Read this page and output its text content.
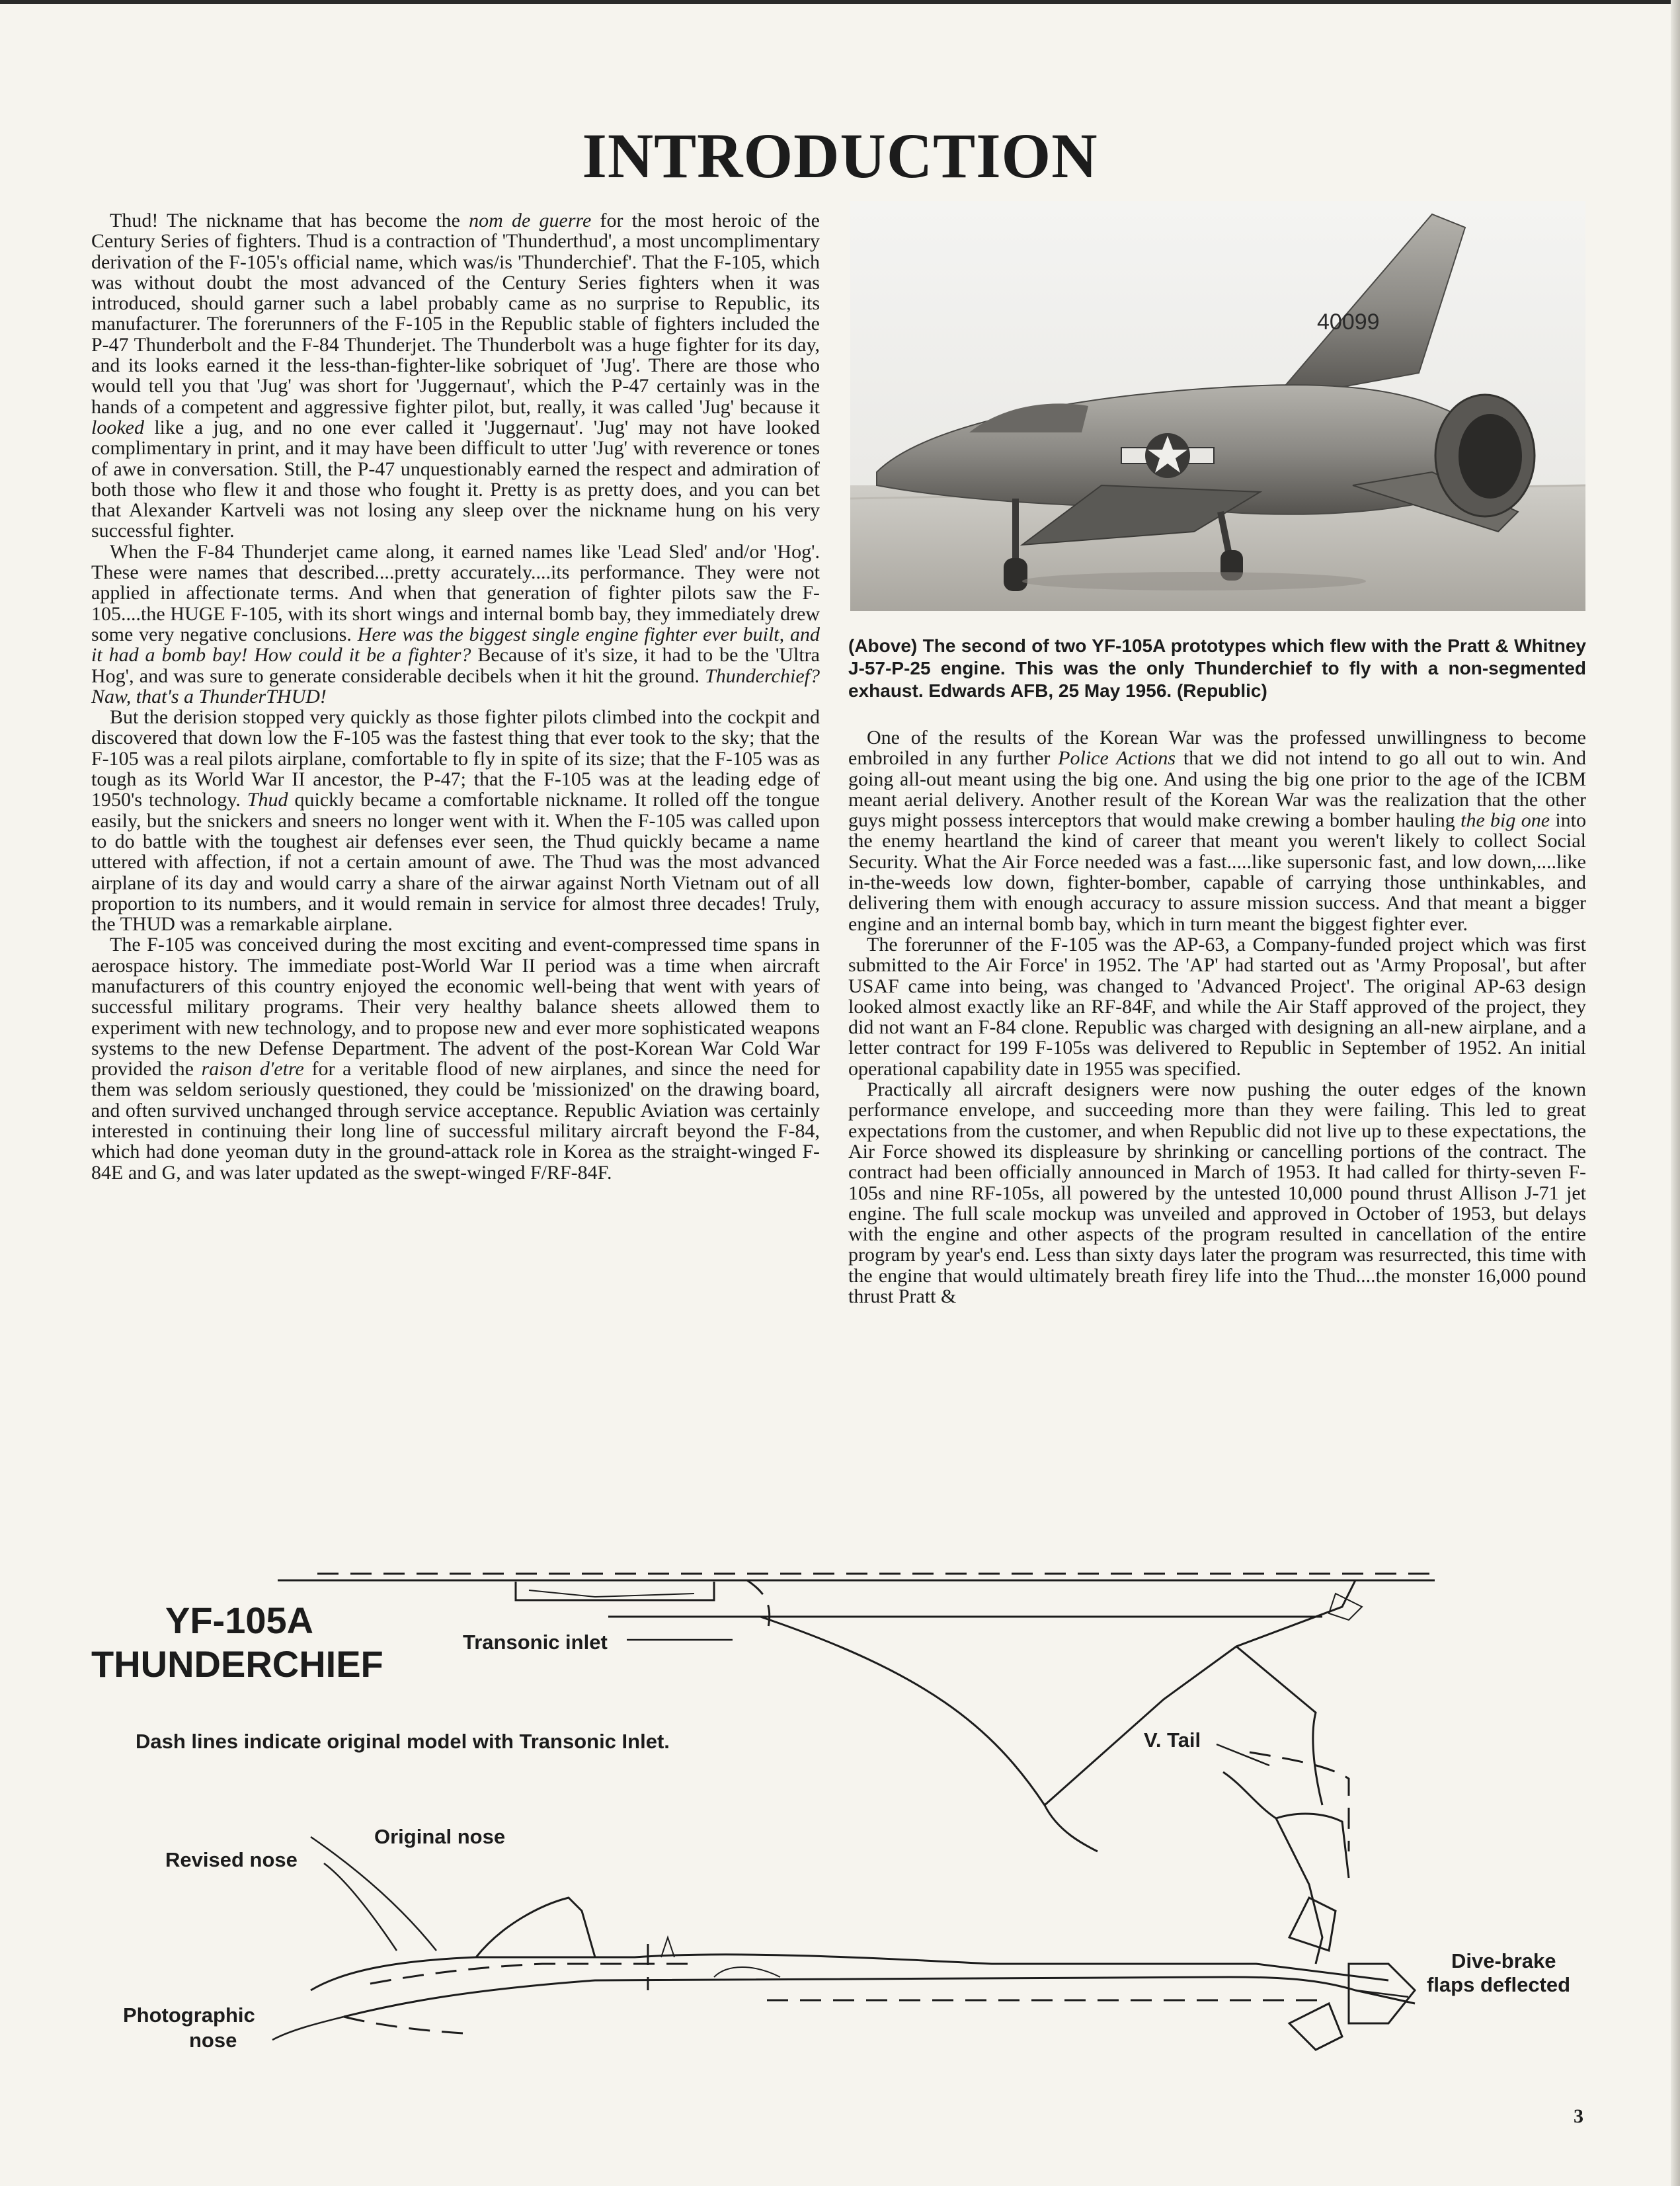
INTRODUCTION

Thud! The nickname that has become the nom de guerre for the most heroic of the Century Series of fighters. Thud is a contraction of 'Thunderthud', a most uncomplimentary derivation of the F-105's official name, which was/is 'Thunderchief'. That the F-105, which was without doubt the most advanced of the Century Series fighters when it was introduced, should garner such a label probably came as no surprise to Republic, its manufacturer. The forerunners of the F-105 in the Republic stable of fighters included the P-47 Thunderbolt and the F-84 Thunderjet. The Thunderbolt was a huge fighter for its day, and its looks earned it the less-than-fighter-like sobriquet of 'Jug'. There are those who would tell you that 'Jug' was short for 'Juggernaut', which the P-47 certainly was in the hands of a competent and aggressive fighter pilot, but, really, it was called 'Jug' because it looked like a jug, and no one ever called it 'Juggernaut'. 'Jug' may not have looked complimentary in print, and it may have been difficult to utter 'Jug' with reverence or tones of awe in conversation. Still, the P-47 unquestionably earned the respect and admiration of both those who flew it and those who fought it. Pretty is as pretty does, and you can bet that Alexander Kartveli was not losing any sleep over the nickname hung on his very successful fighter.

When the F-84 Thunderjet came along, it earned names like 'Lead Sled' and/or 'Hog'. These were names that described....pretty accurately....its performance. They were not applied in affectionate terms. And when that generation of fighter pilots saw the F-105....the HUGE F-105, with its short wings and internal bomb bay, they immediately drew some very negative conclusions. Here was the biggest single engine fighter ever built, and it had a bomb bay! How could it be a fighter? Because of it's size, it had to be the 'Ultra Hog', and was sure to generate considerable decibels when it hit the ground. Thunderchief? Naw, that's a ThunderTHUD!

But the derision stopped very quickly as those fighter pilots climbed into the cockpit and discovered that down low the F-105 was the fastest thing that ever took to the sky; that the F-105 was a real pilots airplane, comfortable to fly in spite of its size; that the F-105 was as tough as its World War II ancestor, the P-47; that the F-105 was at the leading edge of 1950's technology. Thud quickly became a comfortable nickname. It rolled off the tongue easily, but the snickers and sneers no longer went with it. When the F-105 was called upon to do battle with the toughest air defenses ever seen, the Thud quickly became a name uttered with affection, if not a certain amount of awe. The Thud was the most advanced airplane of its day and would carry a share of the airwar against North Vietnam out of all proportion to its numbers, and it would remain in service for almost three decades! Truly, the THUD was a remarkable airplane.

The F-105 was conceived during the most exciting and event-compressed time spans in aerospace history. The immediate post-World War II period was a time when aircraft manufacturers of this country enjoyed the economic well-being that went with years of successful military programs. Their very healthy balance sheets allowed them to experiment with new technology, and to propose new and ever more sophisticated weapons systems to the new Defense Department. The advent of the post-Korean War Cold War provided the raison d'etre for a veritable flood of new airplanes, and since the need for them was seldom seriously questioned, they could be 'missionized' on the drawing board, and often survived unchanged through service acceptance. Republic Aviation was certainly interested in continuing their long line of successful military aircraft beyond the F-84, which had done yeoman duty in the ground-attack role in Korea as the straight-winged F-84E and G, and was later updated as the swept-winged F/RF-84F.

40099
(Above) The second of two YF-105A prototypes which flew with the Pratt & Whitney J-57-P-25 engine. This was the only Thunderchief to fly with a non-segmented exhaust. Edwards AFB, 25 May 1956. (Republic)

One of the results of the Korean War was the professed unwillingness to become embroiled in any further Police Actions that we did not intend to go all out to win. And going all-out meant using the big one. And using the big one prior to the age of the ICBM meant aerial delivery. Another result of the Korean War was the realization that the other guys might possess interceptors that would make crewing a bomber hauling the big one into the enemy heartland the kind of career that meant you weren't likely to collect Social Security. What the Air Force needed was a fast.....like supersonic fast, and low down,....like in-the-weeds low down, fighter-bomber, capable of carrying those unthinkables, and delivering them with enough accuracy to assure mission success. And that meant a bigger engine and an internal bomb bay, which in turn meant the biggest fighter ever.

The forerunner of the F-105 was the AP-63, a Company-funded project which was first submitted to the Air Force' in 1952. The 'AP' had started out as 'Army Proposal', but after USAF came into being, was changed to 'Advanced Project'. The original AP-63 design looked almost exactly like an RF-84F, and while the Air Staff approved of the project, they did not want an F-84 clone. Republic was charged with designing an all-new airplane, and a letter contract for 199 F-105s was delivered to Republic in September of 1952. An initial operational capability date in 1955 was specified.

Practically all aircraft designers were now pushing the outer edges of the known performance envelope, and succeeding more than they were failing. This led to great expectations from the customer, and when Republic did not live up to these expectations, the Air Force showed its displeasure by shrinking or cancelling portions of the contract. The contract had been officially announced in March of 1953. It had called for thirty-seven F-105s and nine RF-105s, all powered by the untested 10,000 pound thrust Allison J-71 jet engine. The full scale mockup was unveiled and approved in October of 1953, but delays with the engine and other aspects of the program resulted in cancellation of the entire program by year's end. Less than sixty days later the program was resurrected, this time with the engine that would ultimately breath firey life into the Thud....the monster 16,000 pound thrust Pratt &

YF-105A
THUNDERCHIEF
Transonic inlet
Dash lines indicate original model with Transonic Inlet.	V. Tail
Original nose
Revised nose
Dive-brake
flaps deflected
Photographic
nose
3
